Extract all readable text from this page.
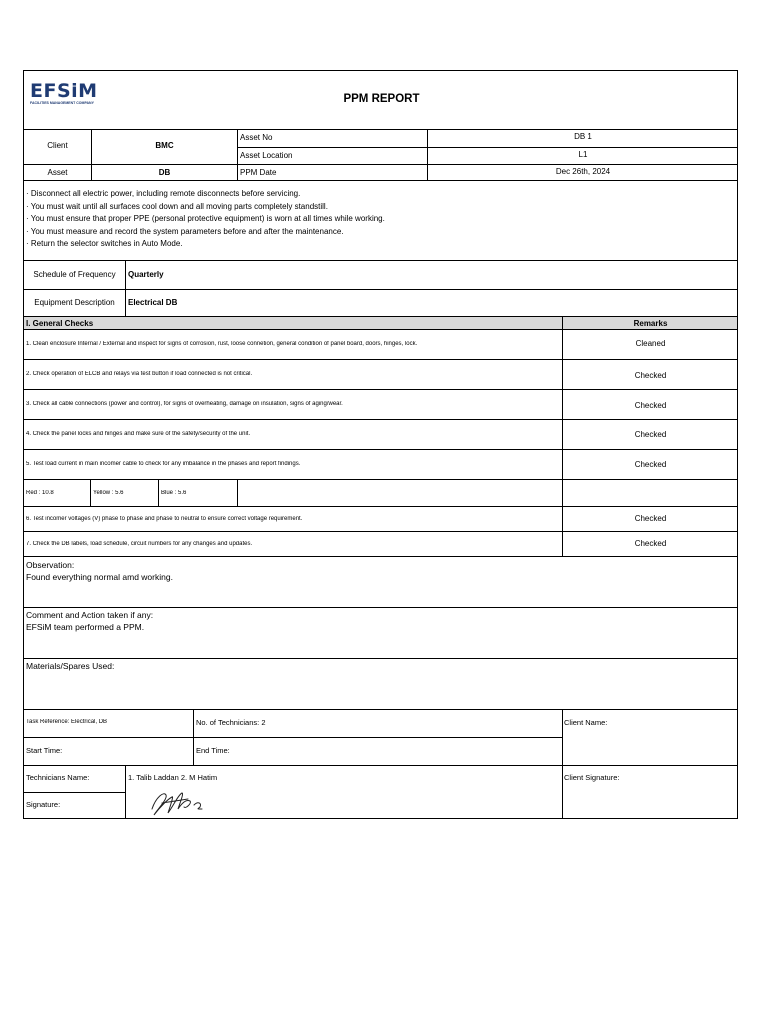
EFSiM
FACILITIES MANAGEMENT COMPANY	PPM REPORT
Client	BMC
Asset	DB
Asset No	DB 1
Asset Location	L1
PPM Date	Dec 26th, 2024
· Disconnect all electric power, including remote disconnects before servicing.
· You must wait until all surfaces cool down and all moving parts completely standstill.
· You must ensure that proper PPE (personal protective equipment) is worn at all times while working.
· You must measure and record the system parameters before and after the maintenance.
· Return the selector switches in Auto Mode.
Schedule of Frequency	Quarterly
Equipment Description	Electrical DB
I. General Checks	Remarks
1. Clean enclosure Internal / External and inspect for signs of corrosion, rust, loose connetion, general condition of panel board, doors, hinges, lock.	Cleaned
2. Check operation of ELCB and relays via test button if load connected is not critical.	Checked
3. Check all cable connections (power and control), for signs of overheating, damage on insulation, signs of aging/wear.	Checked
4. Check the panel locks and hinges and make sure of the safety/security of the unit.	Checked
5. Test load current in main incomer cable to check for any imbalance in the phases and report findings.	Checked
Red : 10.8	Yellow : 5.6	Blue : 5.6
6. Test incomer voltages (V) phase to phase and phase to neutral to ensure correct voltage requirement.	Checked
7. Check the DB labels, load schedule, circuit numbers for any changes and updates.	Checked
Observation:
Found everything normal amd working.
Comment and Action taken if any:
EFSiM team performed a PPM.
Materials/Spares Used:
Task Reference: Electrical, DB	No. of Technicians: 2	Client Name:
Start Time:	End Time:
Technicians Name:	1. Talib Laddan 2. M Hatim	Client Signature:
Signature:
